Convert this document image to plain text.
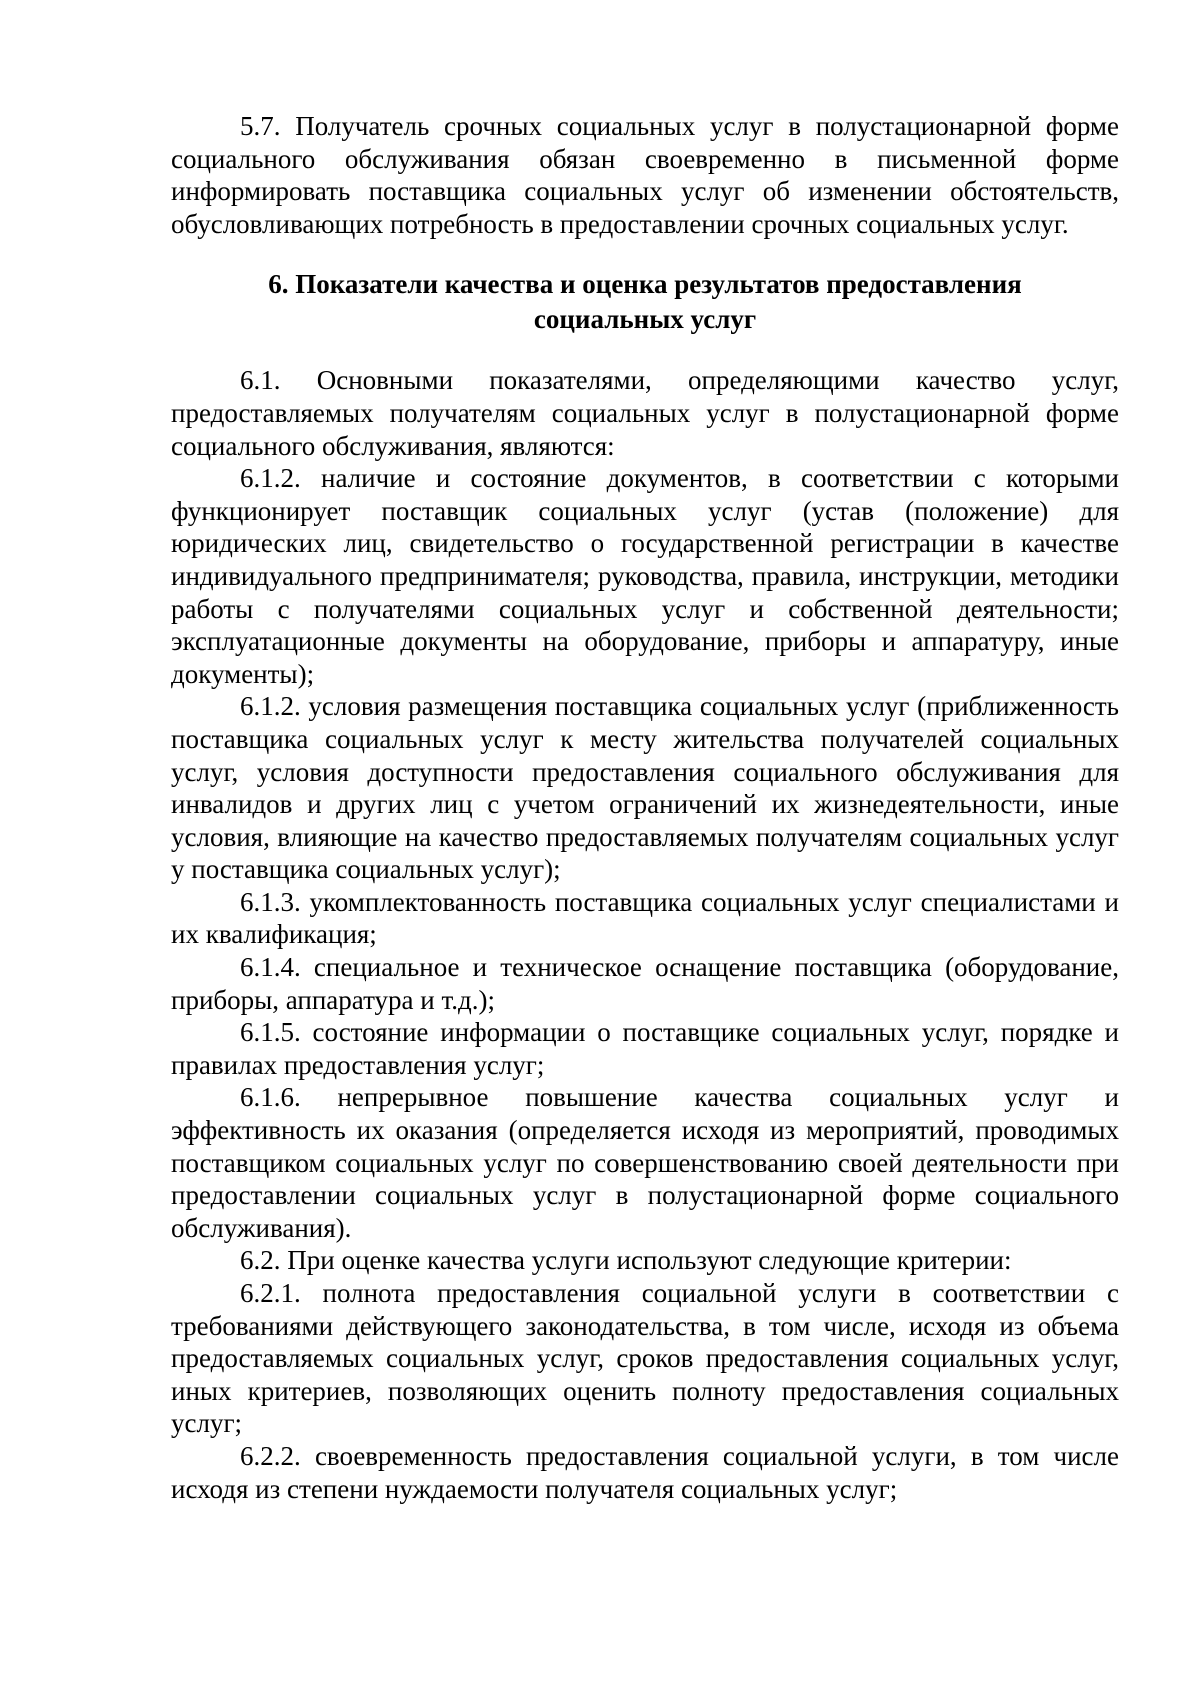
5.7. Получатель срочных социальных услуг в полустационарной форме социального обслуживания обязан своевременно в письменной форме информировать поставщика социальных услуг об изменении обстоятельств, обусловливающих потребность в предоставлении срочных социальных услуг.

6. Показатели качества и оценка результатов предоставления
социальных услуг

6.1. Основными показателями, определяющими качество услуг, предоставляемых получателям социальных услуг в полустационарной форме социального обслуживания, являются:

6.1.2. наличие и состояние документов, в соответствии с которыми функционирует поставщик социальных услуг (устав (положение) для юридических лиц, свидетельство о государственной регистрации в качестве индивидуального предпринимателя; руководства, правила, инструкции, методики работы с получателями социальных услуг и собственной деятельности; эксплуатационные документы на оборудование, приборы и аппаратуру, иные документы);

6.1.2. условия размещения поставщика социальных услуг (приближенность поставщика социальных услуг к месту жительства получателей социальных услуг, условия доступности предоставления социального обслуживания для инвалидов и других лиц с учетом ограничений их жизнедеятельности, иные условия, влияющие на качество предоставляемых получателям социальных услуг у поставщика социальных услуг);

6.1.3. укомплектованность поставщика социальных услуг специалистами и их квалификация;

6.1.4. специальное и техническое оснащение поставщика (оборудование, приборы, аппаратура и т.д.);

6.1.5. состояние информации о поставщике социальных услуг, порядке и правилах предоставления услуг;

6.1.6. непрерывное повышение качества социальных услуг и эффективность их оказания (определяется исходя из мероприятий, проводимых поставщиком социальных услуг по совершенствованию своей деятельности при предоставлении социальных услуг в полустационарной форме социального обслуживания).

6.2. При оценке качества услуги используют следующие критерии:

6.2.1. полнота предоставления социальной услуги в соответствии с требованиями действующего законодательства, в том числе, исходя из объема предоставляемых социальных услуг, сроков предоставления социальных услуг, иных критериев, позволяющих оценить полноту предоставления социальных услуг;

6.2.2. своевременность предоставления социальной услуги, в том числе исходя из степени нуждаемости получателя социальных услуг;
